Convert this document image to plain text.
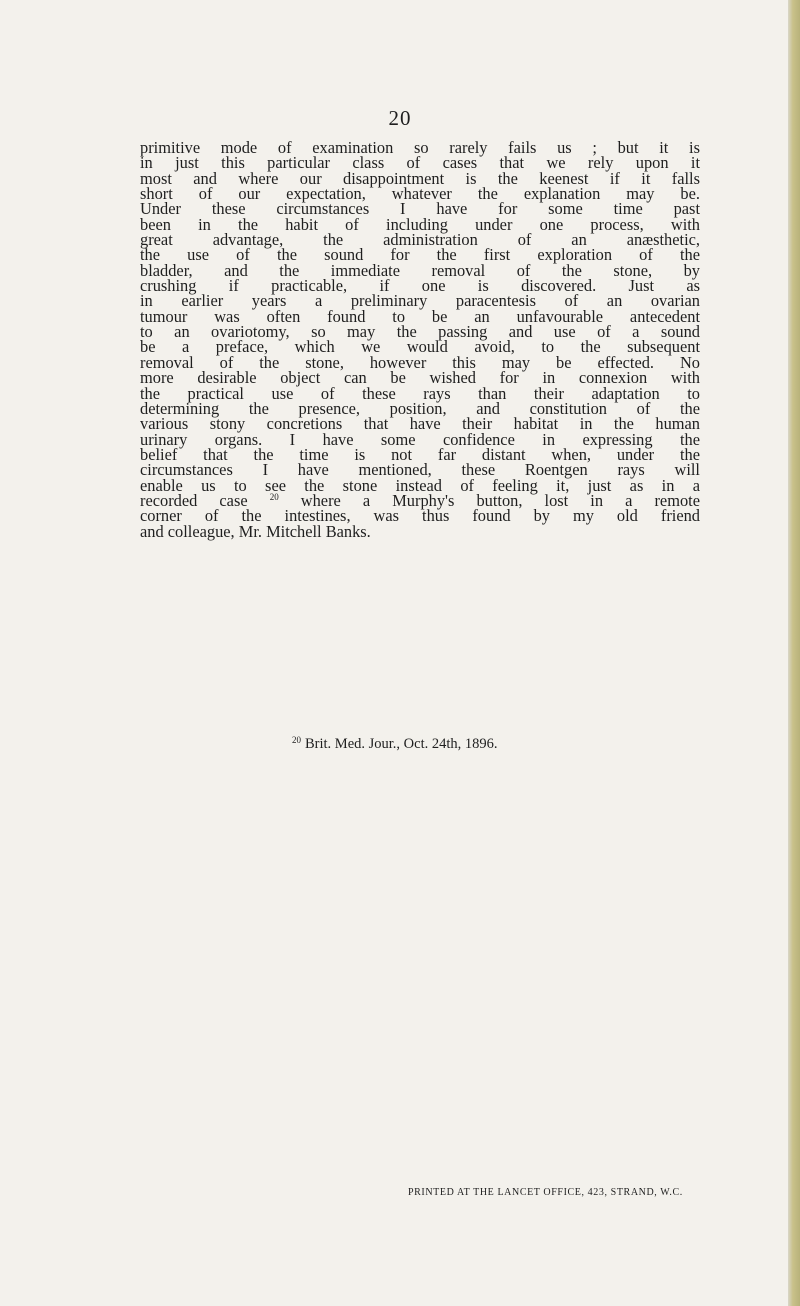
20
primitive mode of examination so rarely fails us ; but it is
in just this particular class of cases that we rely upon it
most and where our disappointment is the keenest if it falls
short of our expectation, whatever the explanation may be.
Under these circumstances I have for some time past
been in the habit of including under one process, with
great advantage, the administration of an anæsthetic,
the use of the sound for the first exploration of the
bladder, and the immediate removal of the stone, by
crushing if practicable, if one is discovered. Just as
in earlier years a preliminary paracentesis of an ovarian
tumour was often found to be an unfavourable antecedent
to an ovariotomy, so may the passing and use of a sound
be a preface, which we would avoid, to the subsequent
removal of the stone, however this may be effected. No
more desirable object can be wished for in connexion with
the practical use of these rays than their adaptation to
determining the presence, position, and constitution of the
various stony concretions that have their habitat in the human
urinary organs. I have some confidence in expressing the
belief that the time is not far distant when, under the
circumstances I have mentioned, these Roentgen rays will
enable us to see the stone instead of feeling it, just as in a
recorded case $^{20}$ where a Murphy's button, lost in a remote
corner of the intestines, was thus found by my old friend
and colleague, Mr. Mitchell Banks.
$^{20}$ Brit. Med. Jour., Oct. 24th, 1896.
PRINTED AT THE LANCET OFFICE, 423, STRAND, W.C.
